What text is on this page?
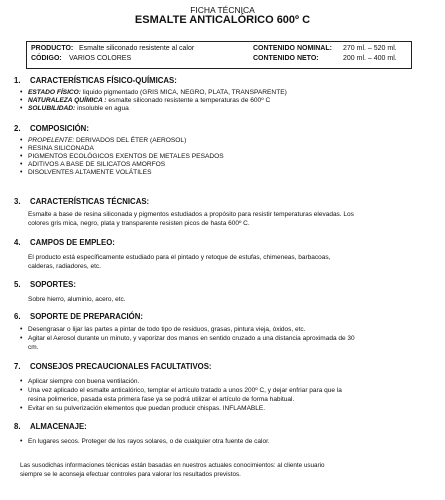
FICHA TÉCNICA
ESMALTE ANTICALÓRICO 600º C
PRODUCTO: Esmalte siliconado resistente al calor
CÓDIGO: VARIOS COLORES
CONTENIDO NOMINAL: 270 ml. – 520 ml.
CONTENIDO NETO:	200 ml. – 400 ml.
1. CARACTERÍSTICAS FÍSICO-QUÍMICAS:
• ESTADO FÍSICO: liquido pigmentado (GRIS MICA, NEGRO, PLATA, TRANSPARENTE)
• NATURALEZA QUÍMICA : esmalte siliconado resistente a temperaturas de 600º C
• SOLUBILIDAD: insoluble en agua
2. COMPOSICIÓN:
• PROPELENTE: DERIVADOS DEL ÉTER (AEROSOL)
• RESINA SILICONADA
• PIGMENTOS ECOLÓGICOS EXENTOS DE METALES PESADOS
• ADITIVOS A BASE DE SILICATOS AMORFOS
• DISOLVENTES ALTAMENTE VOLÁTILES
3. CARACTERÍSTICAS TÉCNICAS:
Esmalte a base de resina siliconada y pigmentos estudiados a propósito para resistir temperaturas elevadas. Los
colores gris mica, negro, plata y transparente resisten picos de hasta 600º C.
4. CAMPOS DE EMPLEO:
El producto está específicamente estudiado para el pintado y retoque de estufas, chimeneas, barbacoas,
calderas, radiadores, etc.
5. SOPORTES:
Sobre hierro, aluminio, acero, etc.
6. SOPORTE DE PREPARACIÓN:
• Desengrasar o lijar las partes a pintar de todo tipo de residuos, grasas, pintura vieja, óxidos, etc.
• Agitar el Aerosol durante un minuto, y vaporizar dos manos en sentido cruzado a una distancia aproximada de 30
cm.
7. CONSEJOS PRECAUCIONALES FACULTATIVOS:
• Aplicar siempre con buena ventilación.
• Una vez aplicado el esmalte anticalórico, templar el artículo tratado a unos 200º C, y dejar enfriar para que la
resina polimerice, pasada esta primera fase ya se podrá utilizar el artículo de forma habitual.
• Evitar en su pulverización elementos que puedan producir chispas. INFLAMABLE.
8. ALMACENAJE:
• En lugares secos. Proteger de los rayos solares, o de cualquier otra fuente de calor.
Las susodichas informaciones técnicas están basadas en nuestros actuales conocimientos: al cliente usuario
siempre se le aconseja efectuar controles para valorar los resultados previstos.
